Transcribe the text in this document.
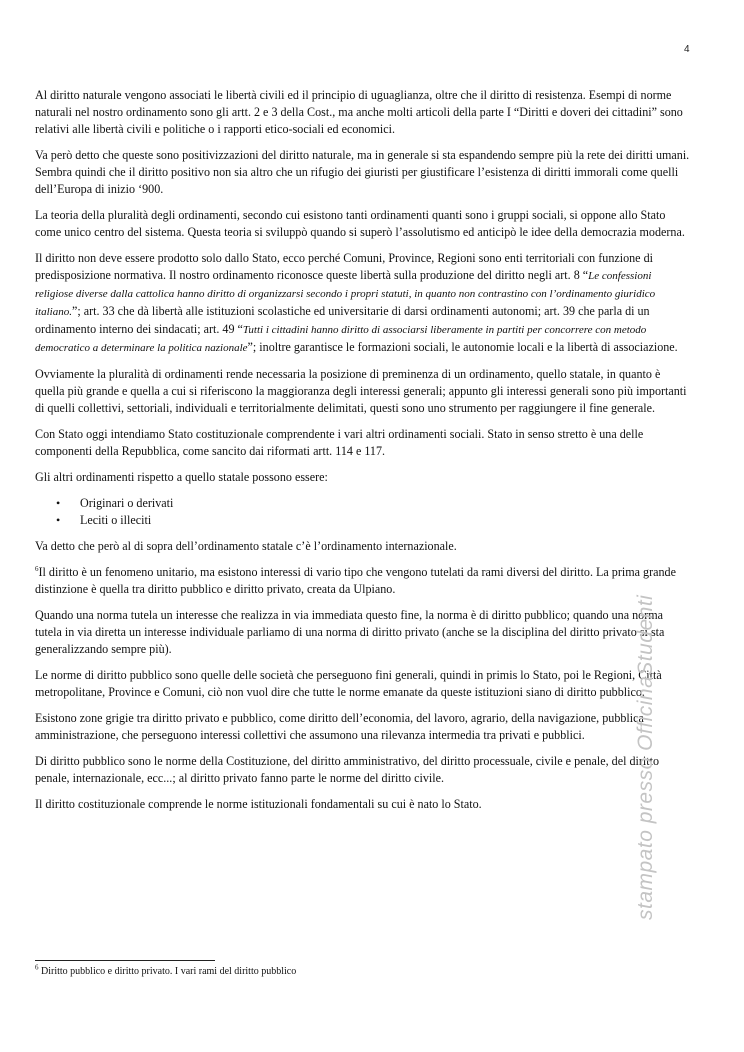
4

Al diritto naturale vengono associati le libertà civili ed il principio di uguaglianza, oltre che il diritto di resistenza. Esempi di norme naturali nel nostro ordinamento sono gli artt. 2 e 3 della Cost., ma anche molti articoli della parte I “Diritti e doveri dei cittadini” sono relativi alle libertà civili e politiche o i rapporti etico-sociali ed economici.

Va però detto che queste sono positivizzazioni del diritto naturale, ma in generale si sta espandendo sempre più la rete dei diritti umani. Sembra quindi che il diritto positivo non sia altro che un rifugio dei giuristi per giustificare l’esistenza di diritti immorali come quelli dell’Europa di inizio ‘900.

La teoria della pluralità degli ordinamenti, secondo cui esistono tanti ordinamenti quanti sono i gruppi sociali, si oppone allo Stato come unico centro del sistema. Questa teoria si sviluppò quando si superò l’assolutismo ed anticipò le idee della democrazia moderna.

Il diritto non deve essere prodotto solo dallo Stato, ecco perché Comuni, Province, Regioni sono enti territoriali con funzione di predisposizione normativa. Il nostro ordinamento riconosce queste libertà sulla produzione del diritto negli art. 8 “Le confessioni religiose diverse dalla cattolica hanno diritto di organizzarsi secondo i propri statuti, in quanto non contrastino con l’ordinamento giuridico italiano.”; art. 33 che dà libertà alle istituzioni scolastiche ed universitarie di darsi ordinamenti autonomi; art. 39 che parla di un ordinamento interno dei sindacati; art. 49 “Tutti i cittadini hanno diritto di associarsi liberamente in partiti per concorrere con metodo democratico a determinare la politica nazionale”; inoltre garantisce le formazioni sociali, le autonomie locali e la libertà di associazione.

Ovviamente la pluralità di ordinamenti rende necessaria la posizione di preminenza di un ordinamento, quello statale, in quanto è quella più grande e quella a cui si riferiscono la maggioranza degli interessi generali; appunto gli interessi generali sono più importanti di quelli collettivi, settoriali, individuali e territorialmente delimitati, questi sono uno strumento per raggiungere il fine generale.

Con Stato oggi intendiamo Stato costituzionale comprendente i vari altri ordinamenti sociali. Stato in senso stretto è una delle componenti della Repubblica, come sancito dai riformati artt. 114 e 117.

Gli altri ordinamenti rispetto a quello statale possono essere:

• Originari o derivati
• Leciti o illeciti

Va detto che però al di sopra dell’ordinamento statale c’è l’ordinamento internazionale.

$^6$Il diritto è un fenomeno unitario, ma esistono interessi di vario tipo che vengono tutelati da rami diversi del diritto. La prima grande distinzione è quella tra diritto pubblico e diritto privato, creata da Ulpiano.

Quando una norma tutela un interesse che realizza in via immediata questo fine, la norma è di diritto pubblico; quando una norma tutela in via diretta un interesse individuale parliamo di una norma di diritto privato (anche se la disciplina del diritto privato si sta generalizzando sempre più).

Le norme di diritto pubblico sono quelle delle società che perseguono fini generali, quindi in primis lo Stato, poi le Regioni, Città metropolitane, Province e Comuni, ciò non vuol dire che tutte le norme emanate da queste istituzioni siano di diritto pubblico.

Esistono zone grigie tra diritto privato e pubblico, come diritto dell’economia, del lavoro, agrario, della navigazione, pubblica amministrazione, che perseguono interessi collettivi che assumono una rilevanza intermedia tra privati e pubblici.

Di diritto pubblico sono le norme della Costituzione, del diritto amministrativo, del diritto processuale, civile e penale, del diritto penale, internazionale, ecc...; al diritto privato fanno parte le norme del diritto civile.

Il diritto costituzionale comprende le norme istituzionali fondamentali su cui è nato lo Stato.	stampato presso OfficinaStudenti
$^6$ Diritto pubblico e diritto privato. I vari rami del diritto pubblico
